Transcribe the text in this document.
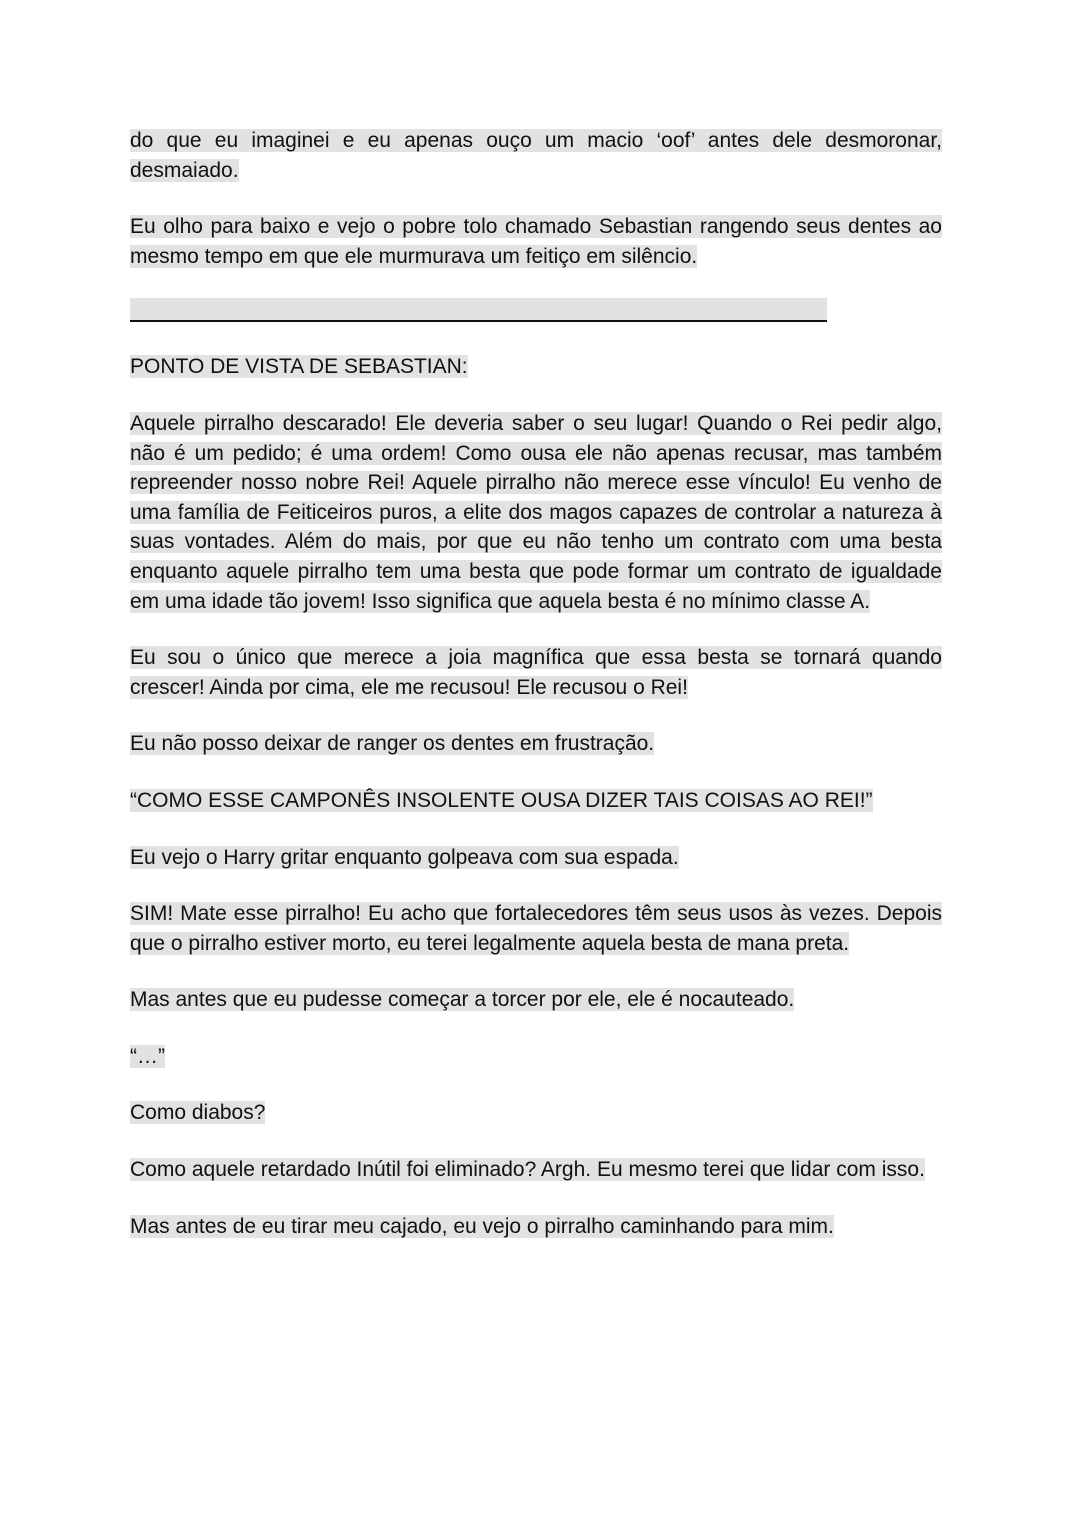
do que eu imaginei e eu apenas ouço um macio ‘oof’ antes dele desmoronar, desmaiado.

Eu olho para baixo e vejo o pobre tolo chamado Sebastian rangendo seus dentes ao mesmo tempo em que ele murmurava um feitiço em silêncio.

PONTO DE VISTA DE SEBASTIAN:

Aquele pirralho descarado! Ele deveria saber o seu lugar! Quando o Rei pedir algo, não é um pedido; é uma ordem! Como ousa ele não apenas recusar, mas também repreender nosso nobre Rei! Aquele pirralho não merece esse vínculo! Eu venho de uma família de Feiticeiros puros, a elite dos magos capazes de controlar a natureza à suas vontades. Além do mais, por que eu não tenho um contrato com uma besta enquanto aquele pirralho tem uma besta que pode formar um contrato de igualdade em uma idade tão jovem! Isso significa que aquela besta é no mínimo classe A.

Eu sou o único que merece a joia magnífica que essa besta se tornará quando crescer! Ainda por cima, ele me recusou! Ele recusou o Rei!

Eu não posso deixar de ranger os dentes em frustração.

“COMO ESSE CAMPONÊS INSOLENTE OUSA DIZER TAIS COISAS AO REI!”

Eu vejo o Harry gritar enquanto golpeava com sua espada.

SIM! Mate esse pirralho! Eu acho que fortalecedores têm seus usos às vezes. Depois que o pirralho estiver morto, eu terei legalmente aquela besta de mana preta.

Mas antes que eu pudesse começar a torcer por ele, ele é nocauteado.

“…”

Como diabos?

Como aquele retardado Inútil foi eliminado? Argh. Eu mesmo terei que lidar com isso.

Mas antes de eu tirar meu cajado, eu vejo o pirralho caminhando para mim.
